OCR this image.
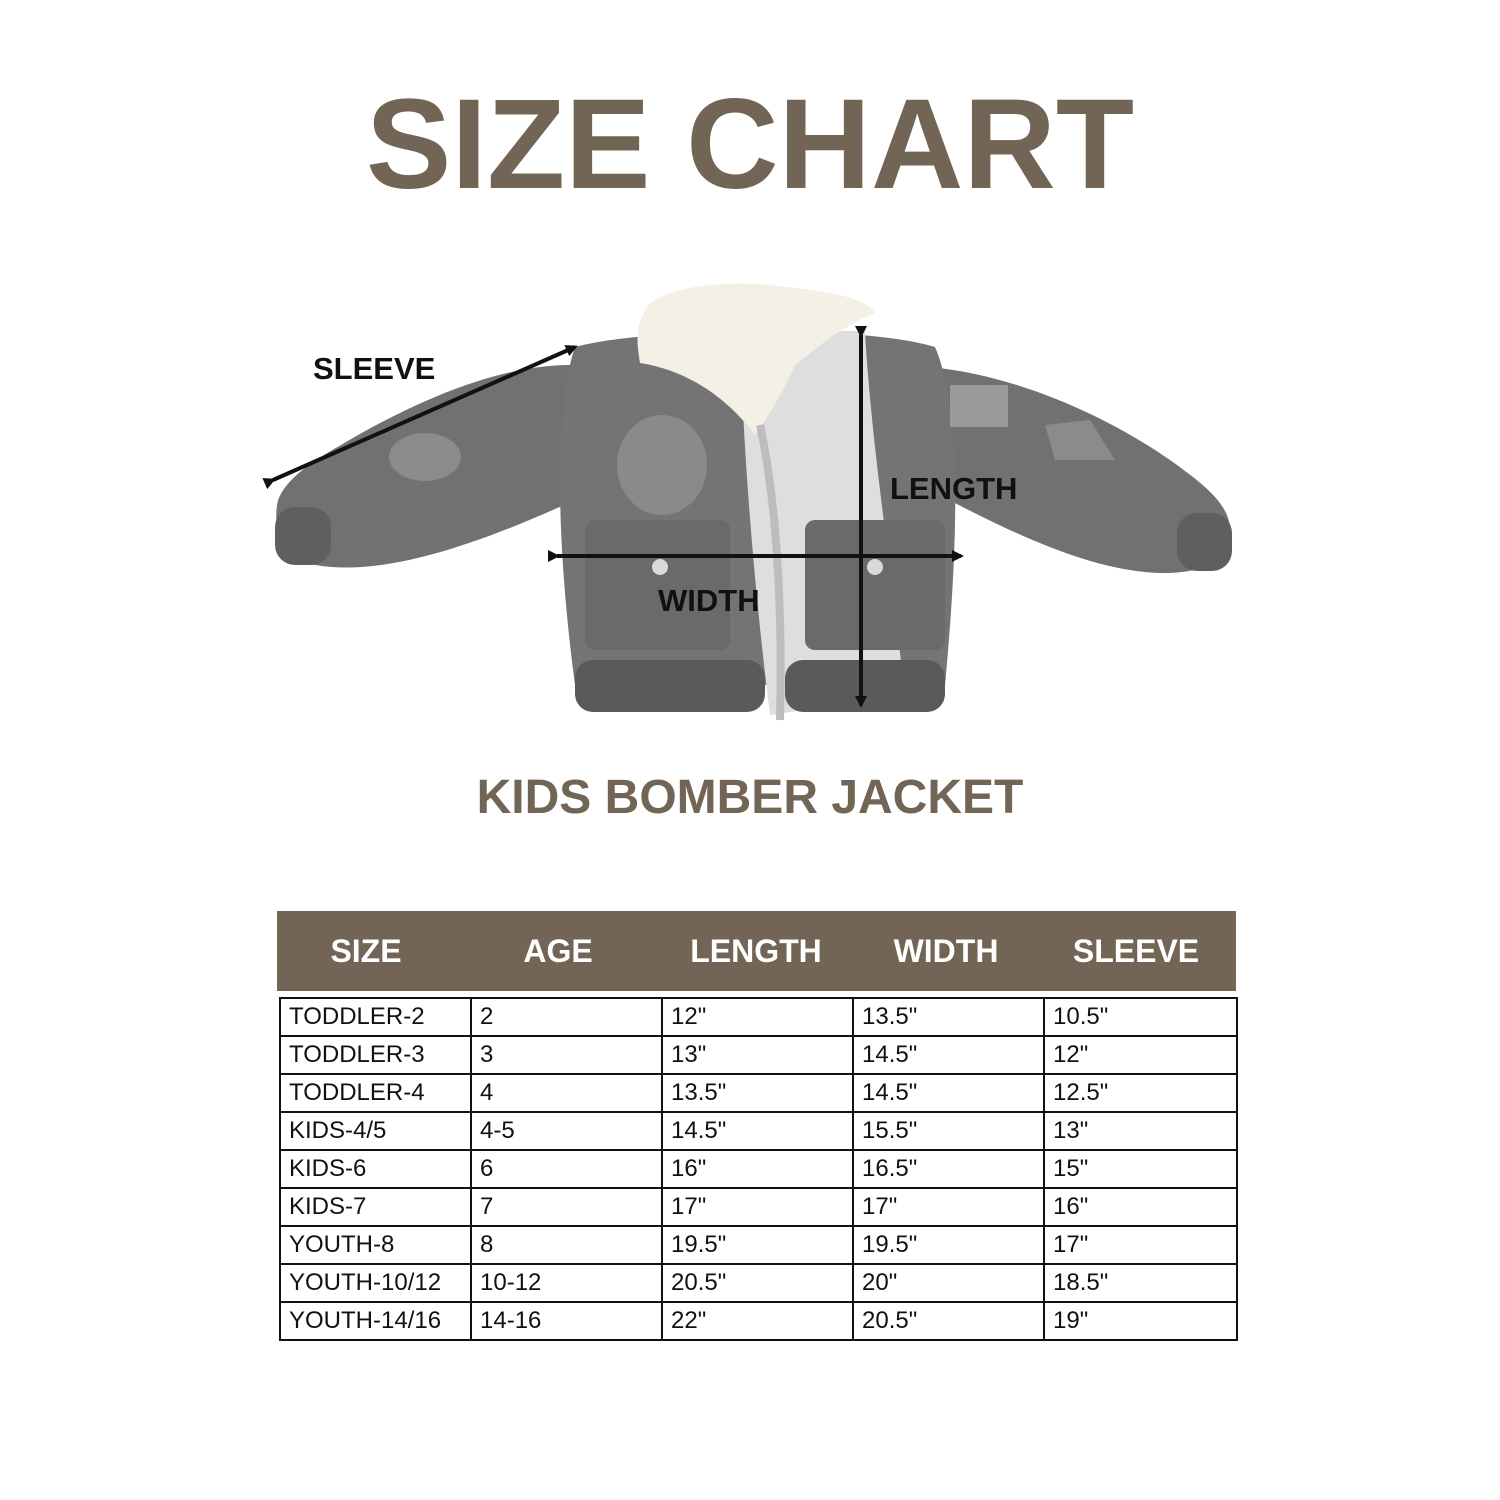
SIZE CHART
SLEEVE
LENGTH
WIDTH
KIDS BOMBER JACKET
SIZE	AGE	LENGTH	WIDTH	SLEEVE
TODDLER-2	2	12"	13.5"	10.5"
TODDLER-3	3	13"	14.5"	12"
TODDLER-4	4	13.5"	14.5"	12.5"
KIDS-4/5	4-5	14.5"	15.5"	13"
KIDS-6	6	16"	16.5"	15"
KIDS-7	7	17"	17"	16"
YOUTH-8	8	19.5"	19.5"	17"
YOUTH-10/12	10-12	20.5"	20"	18.5"
YOUTH-14/16	14-16	22"	20.5"	19"
